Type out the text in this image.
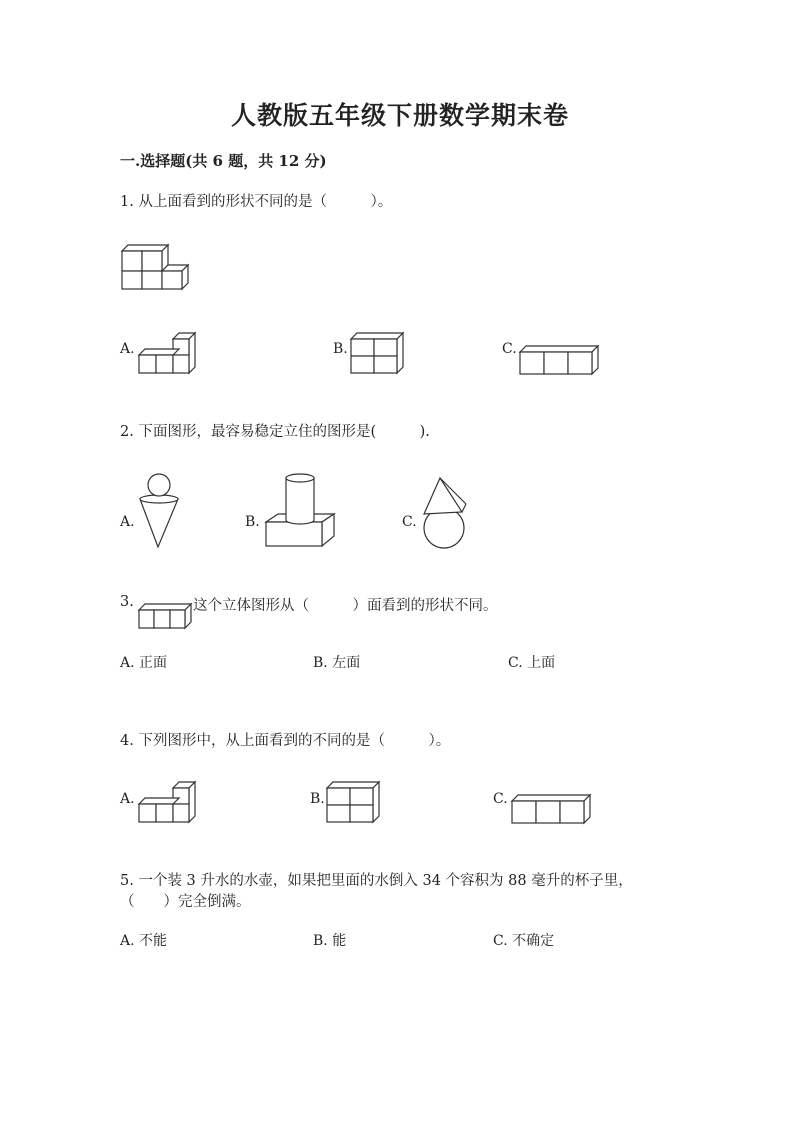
人教版五年级下册数学期末卷
一.选择题(共 6 题，共 12 分)
1. 从上面看到的形状不同的是（　　　）。
A.	B.	C.
2. 下面图形，最容易稳定立住的图形是(　　　).
A.	B.	C.
3.	这个立体图形从（　　　）面看到的形状不同。
A. 正面	B. 左面	C. 上面
4. 下列图形中，从上面看到的不同的是（　　　）。
A.	B.	C.
5. 一个装 3 升水的水壶，如果把里面的水倒入 34 个容积为 88 毫升的杯子里，
（　　）完全倒满。
A. 不能	B. 能	C. 不确定
